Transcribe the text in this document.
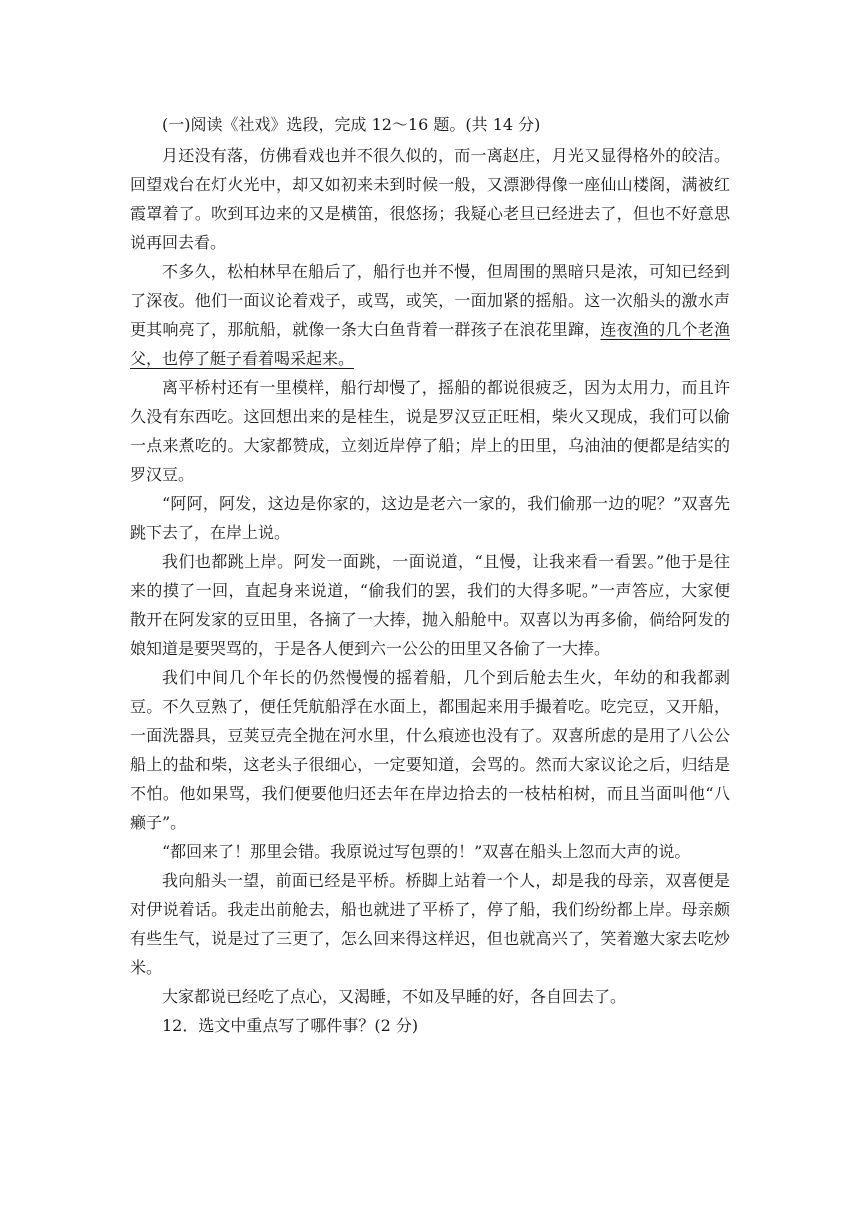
(一)阅读《社戏》选段，完成 12～16 题。(共 14 分)

月还没有落，仿佛看戏也并不很久似的，而一离赵庄，月光又显得格外的皎洁。回望戏台在灯火光中，却又如初来未到时候一般，又漂渺得像一座仙山楼阁，满被红霞罩着了。吹到耳边来的又是横笛，很悠扬；我疑心老旦已经进去了，但也不好意思说再回去看。

不多久，松柏林早在船后了，船行也并不慢，但周围的黑暗只是浓，可知已经到了深夜。他们一面议论着戏子，或骂，或笑，一面加紧的摇船。这一次船头的激水声更其响亮了，那航船，就像一条大白鱼背着一群孩子在浪花里蹿，连夜渔的几个老渔父，也停了艇子看着喝采起来。

离平桥村还有一里模样，船行却慢了，摇船的都说很疲乏，因为太用力，而且许久没有东西吃。这回想出来的是桂生，说是罗汉豆正旺相，柴火又现成，我们可以偷一点来煮吃的。大家都赞成，立刻近岸停了船；岸上的田里，乌油油的便都是结实的罗汉豆。

“阿阿，阿发，这边是你家的，这边是老六一家的，我们偷那一边的呢？”双喜先跳下去了，在岸上说。

我们也都跳上岸。阿发一面跳，一面说道，“且慢，让我来看一看罢。”他于是往来的摸了一回，直起身来说道，“偷我们的罢，我们的大得多呢。”一声答应，大家便散开在阿发家的豆田里，各摘了一大捧，抛入船舱中。双喜以为再多偷，倘给阿发的娘知道是要哭骂的，于是各人便到六一公公的田里又各偷了一大捧。

我们中间几个年长的仍然慢慢的摇着船，几个到后舱去生火，年幼的和我都剥豆。不久豆熟了，便任凭航船浮在水面上，都围起来用手撮着吃。吃完豆，又开船，一面洗器具，豆荚豆壳全抛在河水里，什么痕迹也没有了。双喜所虑的是用了八公公船上的盐和柴，这老头子很细心，一定要知道，会骂的。然而大家议论之后，归结是不怕。他如果骂，我们便要他归还去年在岸边拾去的一枝枯桕树，而且当面叫他“八癞子”。

“都回来了！那里会错。我原说过写包票的！”双喜在船头上忽而大声的说。

我向船头一望，前面已经是平桥。桥脚上站着一个人，却是我的母亲，双喜便是对伊说着话。我走出前舱去，船也就进了平桥了，停了船，我们纷纷都上岸。母亲颇有些生气，说是过了三更了，怎么回来得这样迟，但也就高兴了，笑着邀大家去吃炒米。

大家都说已经吃了点心，又渴睡，不如及早睡的好，各自回去了。

12．选文中重点写了哪件事？(2 分)
